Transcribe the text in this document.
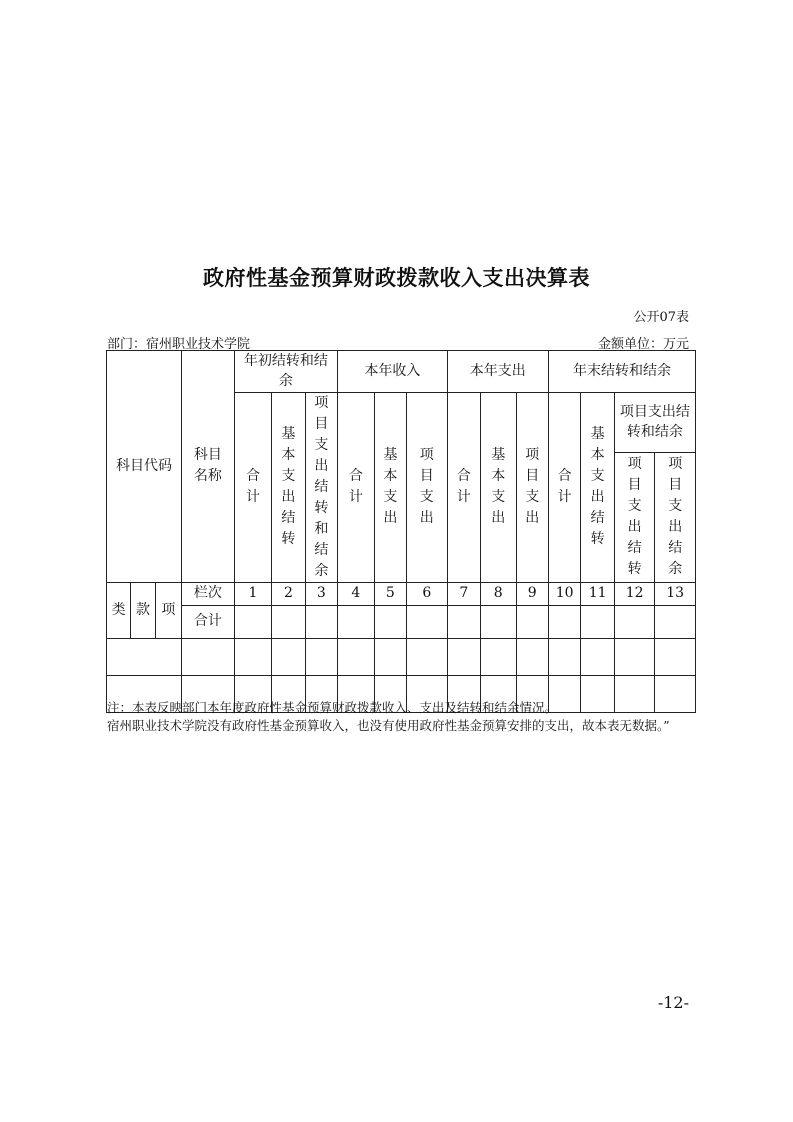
政府性基金预算财政拨款收入支出决算表
公开07表
部门：宿州职业技术学院	金额单位：万元
科目代码			科目名称	年初结转和结余			本年收入			本年支出			年末结转和结余			
				合计	基本支出结转	项目支出结转和结余	合计	基本支出	项目支出	合计	基本支出	项目支出	合计	基本支出结转	项目支出结转和结余	
															项目支出结转	项目支出结余
类	款	项	栏次	1	2	3	4	5	6	7	8	9	10	11	12	13
			合计													

注：本表反映部门本年度政府性基金预算财政拨款收入、支出及结转和结余情况。
宿州职业技术学院没有政府性基金预算收入，也没有使用政府性基金预算安排的支出，故本表无数据。”
-12-
